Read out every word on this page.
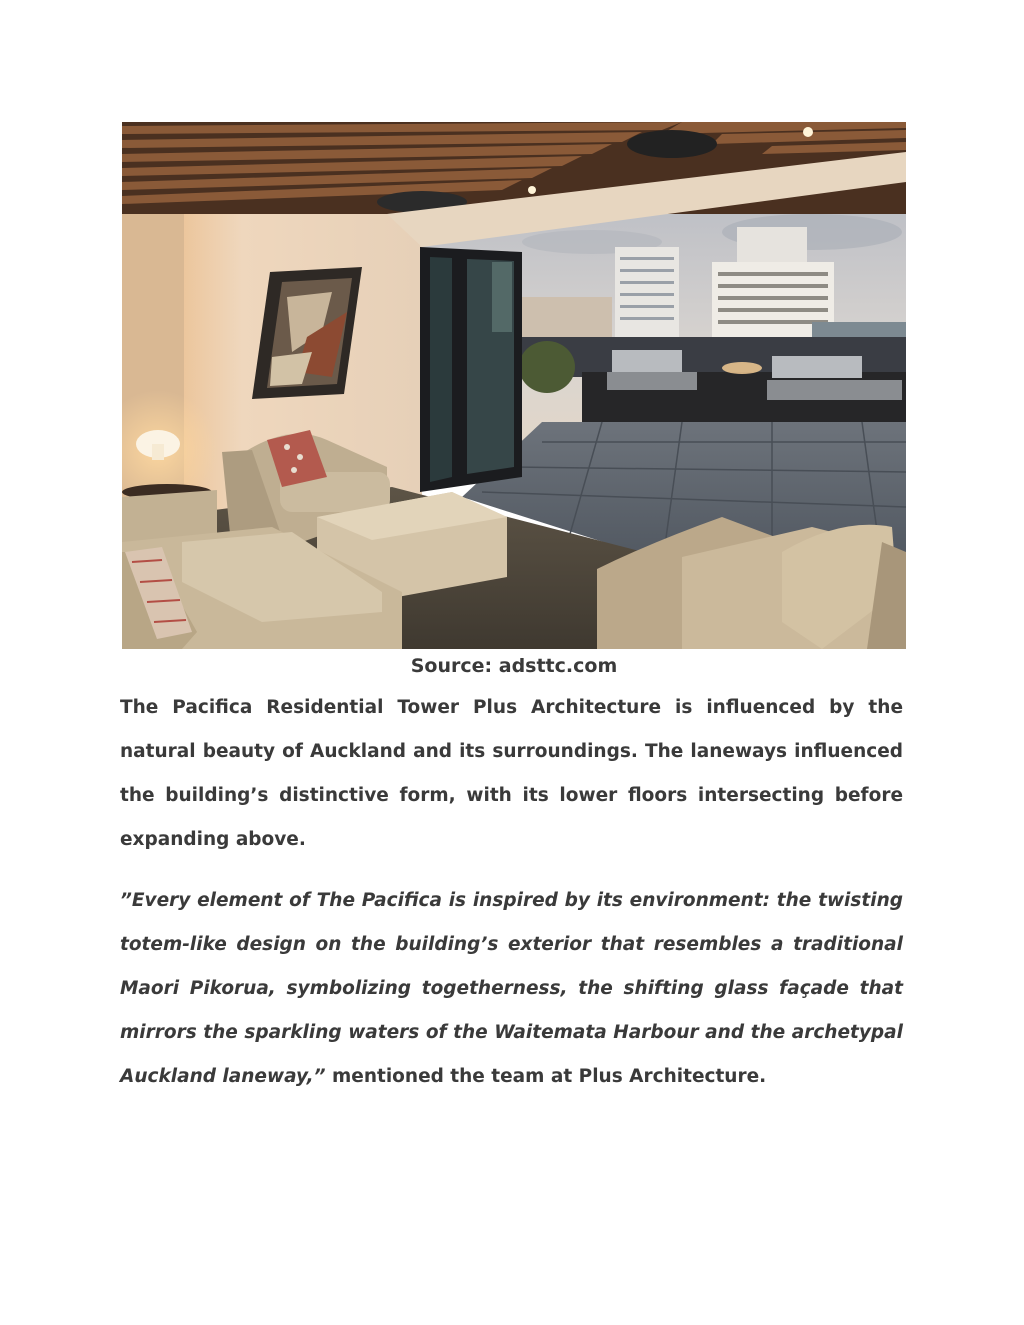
Source: adsttc.com

The Pacifica Residential Tower Plus Architecture is influenced by the natural beauty of Auckland and its surroundings. The laneways influenced the building’s distinctive form, with its lower floors intersecting before expanding above.

”Every element of The Pacifica is inspired by its environment: the twisting totem-like design on the building’s exterior that resembles a traditional Maori Pikorua, symbolizing togetherness, the shifting glass façade that mirrors the sparkling waters of the Waitemata Harbour and the archetypal Auckland laneway,” mentioned the team at Plus Architecture.
